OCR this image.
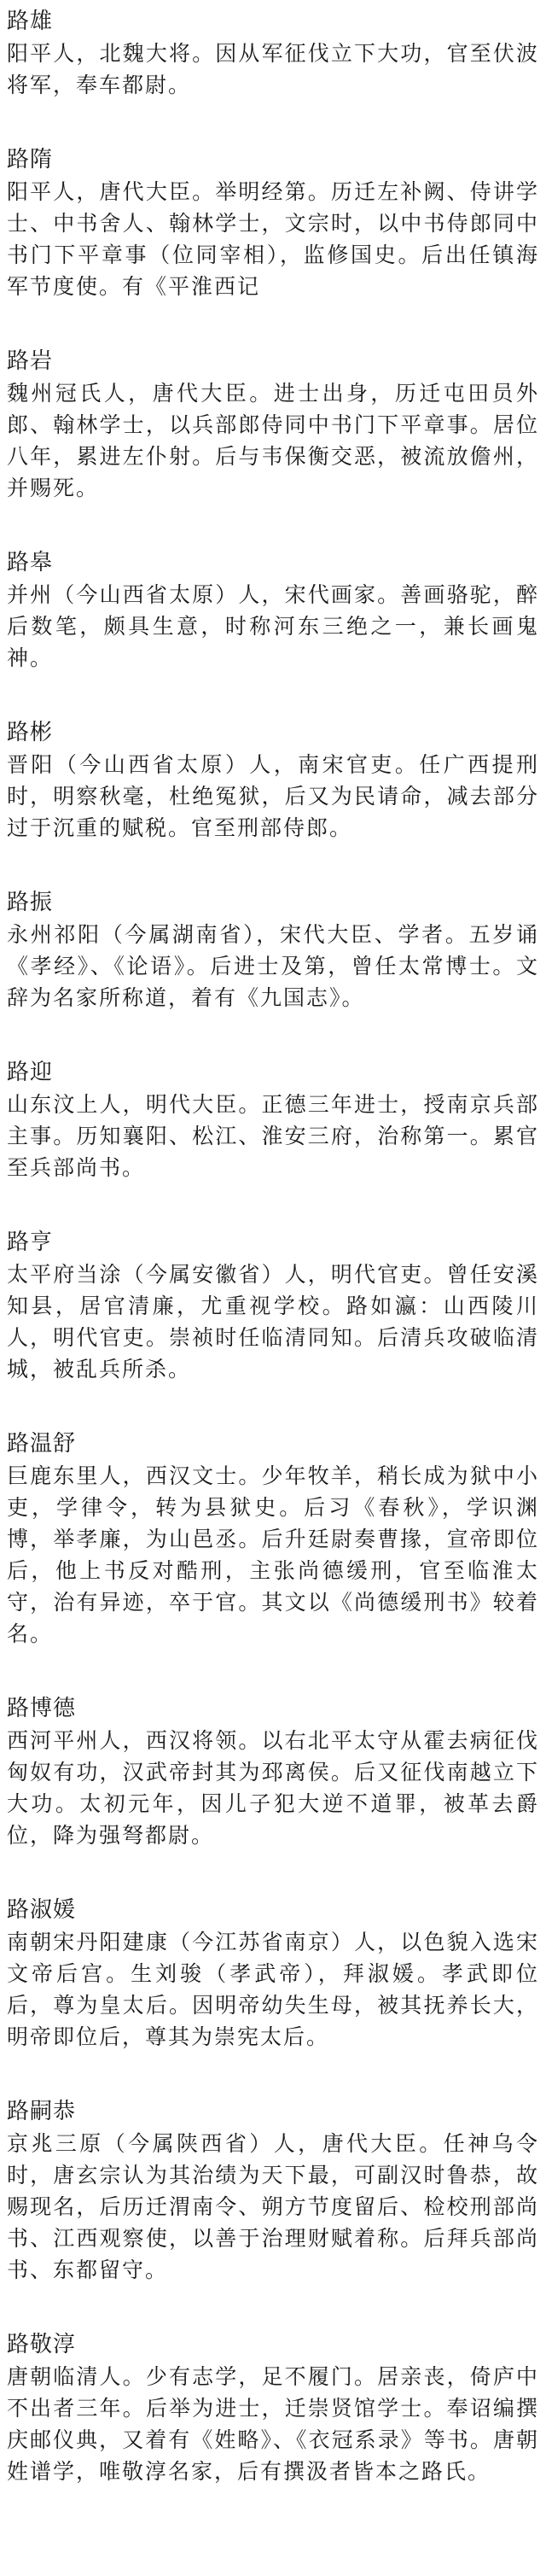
路雄

阳平人，北魏大将。因从军征伐立下大功，官至伏波将军，奉车都尉。

路隋

阳平人，唐代大臣。举明经第。历迁左补阙、侍讲学士、中书舍人、翰林学士，文宗时，以中书侍郎同中书门下平章事（位同宰相），监修国史。后出任镇海军节度使。有《平淮西记

路岩

魏州冠氏人，唐代大臣。进士出身，历迁屯田员外郎、翰林学士，以兵部郎侍同中书门下平章事。居位八年，累进左仆射。后与韦保衡交恶，被流放儋州，并赐死。

路皋

并州（今山西省太原）人，宋代画家。善画骆驼，醉后数笔，颇具生意，时称河东三绝之一，兼长画鬼神。

路彬

晋阳（今山西省太原）人，南宋官吏。任广西提刑时，明察秋毫，杜绝冤狱，后又为民请命，减去部分过于沉重的赋税。官至刑部侍郎。

路振

永州祁阳（今属湖南省），宋代大臣、学者。五岁诵《孝经》、《论语》。后进士及第，曾任太常博士。文辞为名家所称道，着有《九国志》。

路迎

山东汶上人，明代大臣。正德三年进士，授南京兵部主事。历知襄阳、松江、淮安三府，治称第一。累官至兵部尚书。

路亨

太平府当涂（今属安徽省）人，明代官吏。曾任安溪知县，居官清廉，尤重视学校。路如瀛：山西陵川人，明代官吏。崇祯时任临清同知。后清兵攻破临清城，被乱兵所杀。

路温舒

巨鹿东里人，西汉文士。少年牧羊，稍长成为狱中小吏，学律令，转为县狱史。后习《春秋》，学识渊博，举孝廉，为山邑丞。后升廷尉奏曹掾，宣帝即位后，他上书反对酷刑，主张尚德缓刑，官至临淮太守，治有异迹，卒于官。其文以《尚德缓刑书》较着名。

路博德

西河平州人，西汉将领。以右北平太守从霍去病征伐匈奴有功，汉武帝封其为邳离侯。后又征伐南越立下大功。太初元年，因儿子犯大逆不道罪，被革去爵位，降为强弩都尉。

路淑媛

南朝宋丹阳建康（今江苏省南京）人，以色貌入选宋文帝后宫。生刘骏（孝武帝），拜淑媛。孝武即位后，尊为皇太后。因明帝幼失生母，被其抚养长大，明帝即位后，尊其为崇宪太后。

路嗣恭

京兆三原（今属陕西省）人，唐代大臣。任神乌令时，唐玄宗认为其治绩为天下最，可副汉时鲁恭，故赐现名，后历迁渭南令、朔方节度留后、检校刑部尚书、江西观察使，以善于治理财赋着称。后拜兵部尚书、东都留守。

路敬淳

唐朝临清人。少有志学，足不履门。居亲丧，倚庐中不出者三年。后举为进士，迁崇贤馆学士。奉诏编撰庆邮仪典，又着有《姓略》、《衣冠系录》等书。唐朝姓谱学，唯敬淳名家，后有撰汲者皆本之路氏。
